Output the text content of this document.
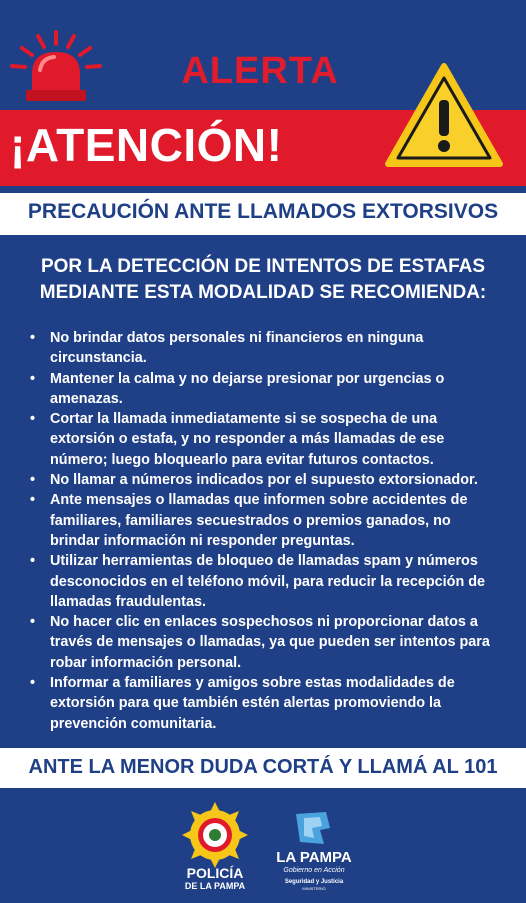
ALERTA
¡ATENCIÓN!
PRECAUCIÓN ANTE LLAMADOS EXTORSIVOS
POR LA DETECCIÓN DE INTENTOS DE ESTAFAS
MEDIANTE ESTA MODALIDAD SE RECOMIENDA:
• No brindar datos personales ni financieros en ninguna
circunstancia.
• Mantener la calma y no dejarse presionar por urgencias o
amenazas.
• Cortar la llamada inmediatamente si se sospecha de una
extorsión o estafa, y no responder a más llamadas de ese
número; luego bloquearlo para evitar futuros contactos.
• No llamar a números indicados por el supuesto extorsionador.
• Ante mensajes o llamadas que informen sobre accidentes de
familiares, familiares secuestrados o premios ganados, no
brindar información ni responder preguntas.
• Utilizar herramientas de bloqueo de llamadas spam y números
desconocidos en el teléfono móvil, para reducir la recepción de
llamadas fraudulentas.
• No hacer clic en enlaces sospechosos ni proporcionar datos a
través de mensajes o llamadas, ya que pueden ser intentos para
robar información personal.
• Informar a familiares y amigos sobre estas modalidades de
extorsión para que también estén alertas promoviendo la
prevención comunitaria.
ANTE LA MENOR DUDA CORTÁ Y LLAMÁ AL 101
POLICÍA
DE LA PAMPA
LA PAMPA
Gobierno en Acción
Seguridad y Justicia
MINISTERIO
